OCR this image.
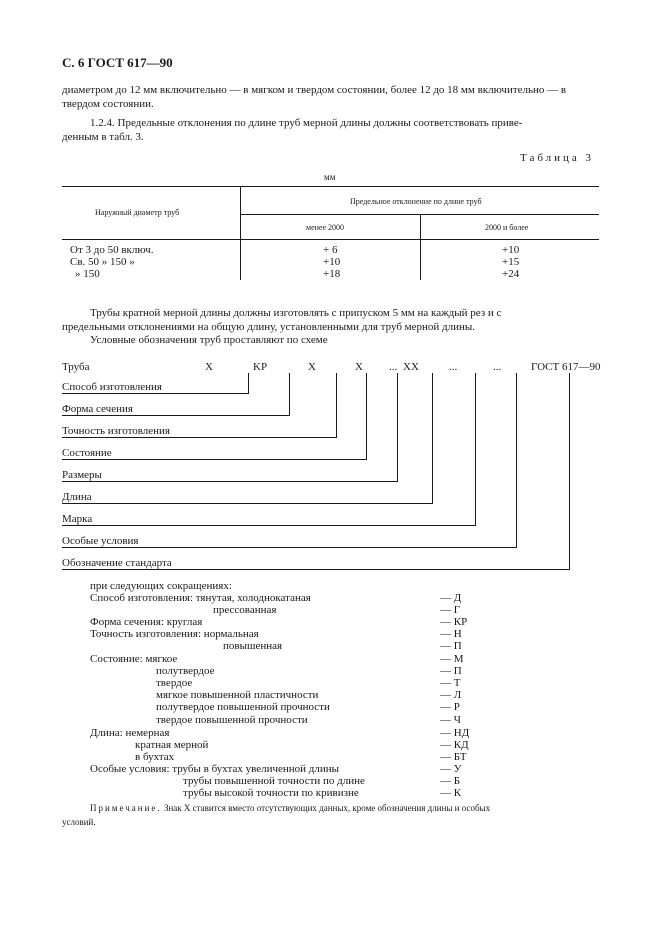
С. 6 ГОСТ 617—90
диаметром до 12 мм включительно — в мягком и твердом состоянии, более 12 до 18 мм включительно — в
твердом состоянии.
1.2.4. Предельные отклонения по длине труб мерной длины должны соответствовать приве-
денным в табл. 3.
Таблица 3
мм
Наружный диаметр труб
Предельное отклонение по длине труб
менее 2000	2000 и более
От 3 до 50 включ.	+ 6	+10
Св. 50 » 150 »	+10	+15
» 150	+18	+24
Трубы кратной мерной длины должны изготовлять с припуском 5 мм на каждый рез и с
предельными отклонениями на общую длину, установленными для труб мерной длины.
Условные обозначения труб проставляют по схеме
Труба	X	KP	X	X ... XX	...	...	ГОСТ 617—90
Способ изготовления
Форма сечения
Точность изготовления
Состояние
Размеры
Длина
Марка
Особые условия
Обозначение стандарта
при следующих сокращениях:
Способ изготовления: тянутая, холоднокатаная	— Д
прессованная	— Г
Форма сечения: круглая	— КР
Точность изготовления: нормальная	— Н
повышенная	— П
Состояние: мягкое	— М
полутвердое	— П
твердое	— Т
мягкое повышенной пластичности	— Л
полутвердое повышенной прочности	— Р
твердое повышенной прочности	— Ч
Длина: немерная	— НД
кратная мерной	— КД
в бухтах	— БТ
Особые условия: трубы в бухтах увеличенной длины	— У
трубы повышенной точности по длине	— Б
трубы высокой точности по кривизне	— К
Примечание. Знак X ставится вместо отсутствующих данных, кроме обозначения длины и особых
условий.
